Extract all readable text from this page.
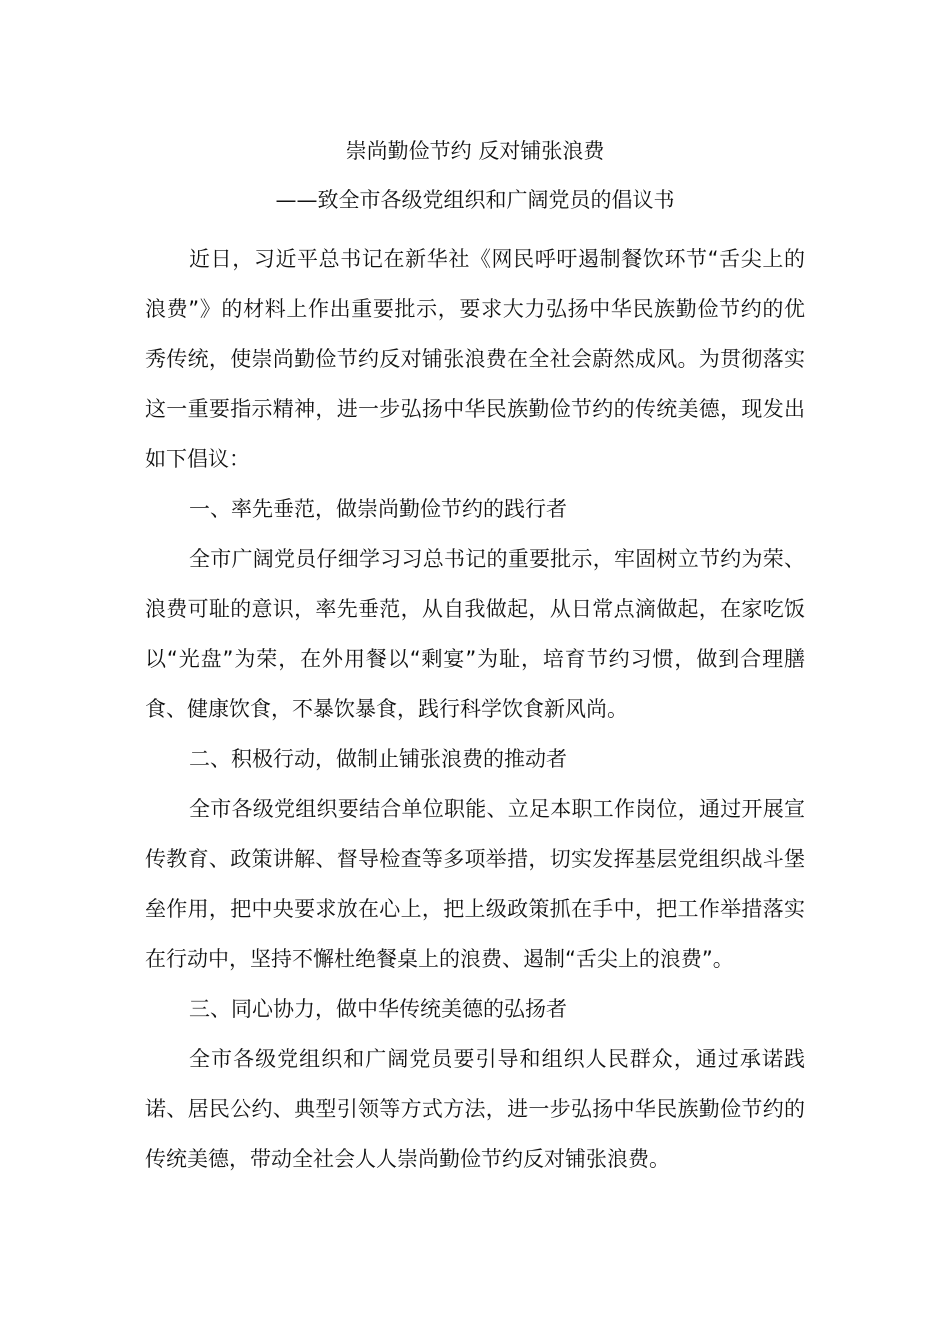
崇尚勤俭节约 反对铺张浪费
——致全市各级党组织和广阔党员的倡议书

近日，习近平总书记在新华社《网民呼吁遏制餐饮环节“舌尖上的浪费”》的材料上作出重要批示，要求大力弘扬中华民族勤俭节约的优秀传统，使崇尚勤俭节约反对铺张浪费在全社会蔚然成风。为贯彻落实这一重要指示精神，进一步弘扬中华民族勤俭节约的传统美德，现发出如下倡议：

一、率先垂范，做崇尚勤俭节约的践行者

全市广阔党员仔细学习习总书记的重要批示，牢固树立节约为荣、浪费可耻的意识，率先垂范，从自我做起，从日常点滴做起，在家吃饭以“光盘”为荣，在外用餐以“剩宴”为耻，培育节约习惯，做到合理膳食、健康饮食，不暴饮暴食，践行科学饮食新风尚。

二、积极行动，做制止铺张浪费的推动者

全市各级党组织要结合单位职能、立足本职工作岗位，通过开展宣传教育、政策讲解、督导检查等多项举措，切实发挥基层党组织战斗堡垒作用，把中央要求放在心上，把上级政策抓在手中，把工作举措落实在行动中，坚持不懈杜绝餐桌上的浪费、遏制“舌尖上的浪费”。

三、同心协力，做中华传统美德的弘扬者

全市各级党组织和广阔党员要引导和组织人民群众，通过承诺践诺、居民公约、典型引领等方式方法，进一步弘扬中华民族勤俭节约的传统美德，带动全社会人人崇尚勤俭节约反对铺张浪费。
